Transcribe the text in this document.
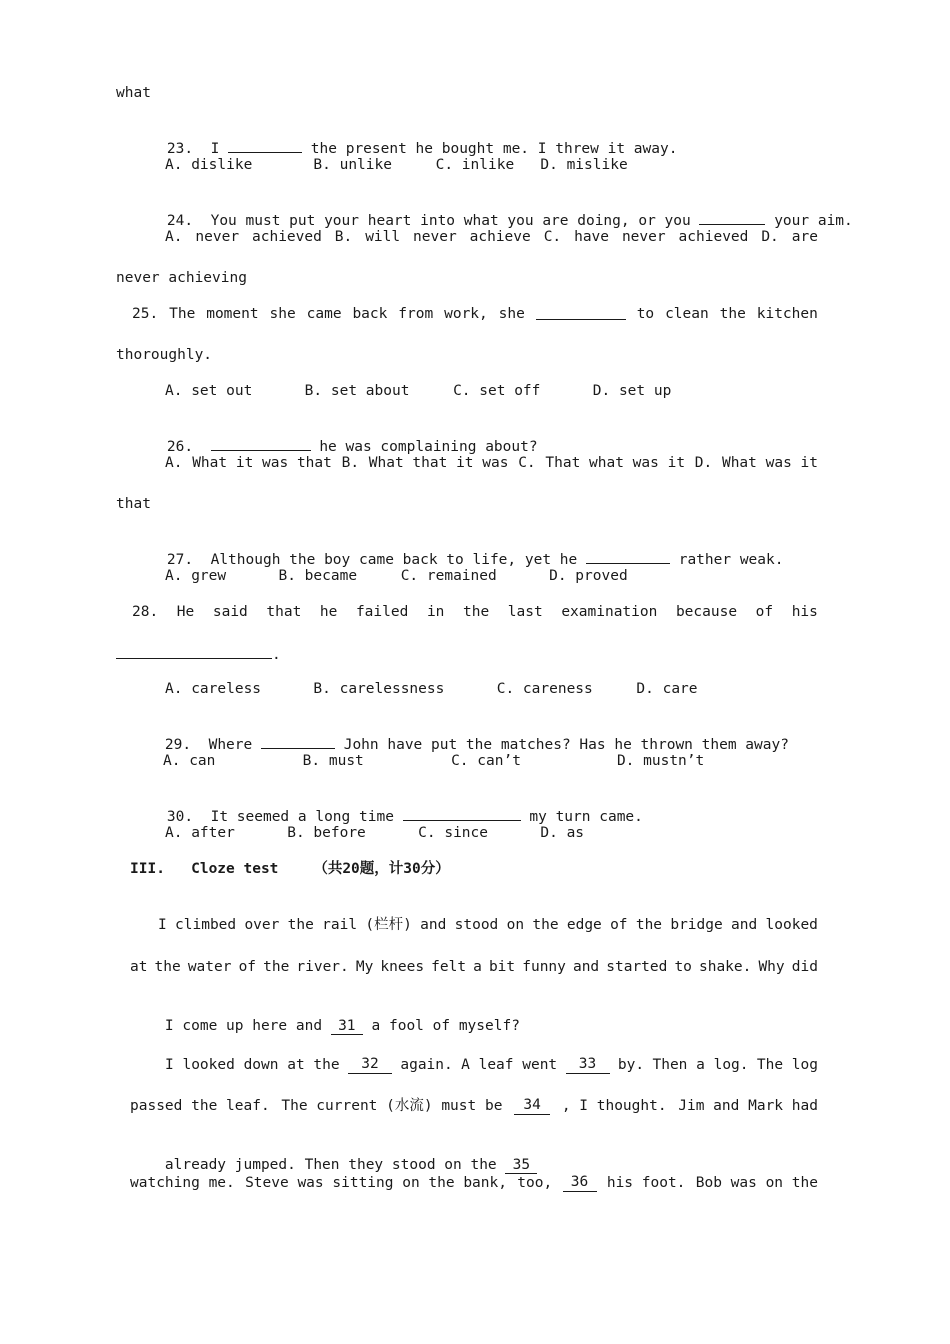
what

23. I	the present he bought me. I threw it away.

A. dislike       B. unlike     C. inlike   D. mislike

24. You must put your heart into what you are doing, or you	your aim.

A. never achieved B. will never achieve C. have never achieved D. are
never achieving
25. The moment she came back from work, she	to clean the kitchen
thoroughly.
A. set out      B. set about     C. set off      D. set up

26.	he was complaining about?

A. What it was that B. What that it was C. That what was it D. What was it
that

27. Although the boy came back to life, yet he	rather weak.

A. grew      B. became     C. remained      D. proved
28. He said that he failed in the last examination because of his
.
A. careless      B. carelessness      C. careness     D. care

29. Where	John have put the matches? Has he thrown them away?

A. can          B. must          C. can’t           D. mustn’t

30. It seemed a long time	my turn came.

A. after      B. before      C. since      D. as
III.   Cloze test    （共20题，计30分）
I climbed over the rail (栏杆) and stood on the edge of the bridge and looked
at the water of the river. My knees felt a bit funny and started to shake. Why did

I come up here and 31 a fool of myself?

I looked down at the	32	again. A leaf went	33	by. Then a log. The log
passed the leaf. The current (水流) must be	34	, I thought. Jim and Mark had

already jumped. Then they stood on the 35

watching me. Steve was sitting on the bank, too,	36	his foot. Bob was on the
